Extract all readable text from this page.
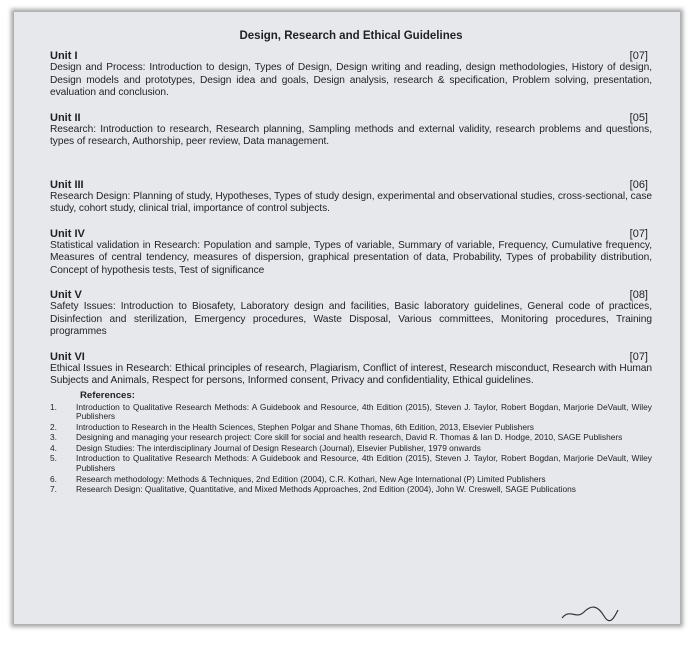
Design, Research and Ethical Guidelines
Unit I	[07]
Design and Process: Introduction to design, Types of Design, Design writing and reading, design methodologies, History of design, Design models and prototypes, Design idea and goals, Design analysis, research & specification, Problem solving, presentation, evaluation and conclusion.
Unit II	[05]
Research: Introduction to research, Research planning, Sampling methods and external validity, research problems and questions, types of research, Authorship, peer review, Data management.
Unit III	[06]
Research Design: Planning of study, Hypotheses, Types of study design, experimental and observational studies, cross-sectional, case study, cohort study, clinical trial, importance of control subjects.
Unit IV	[07]
Statistical validation in Research: Population and sample, Types of variable, Summary of variable, Frequency, Cumulative frequency, Measures of central tendency, measures of dispersion, graphical presentation of data, Probability, Types of probability distribution, Concept of hypothesis tests, Test of significance
Unit V	[08]
Safety Issues: Introduction to Biosafety, Laboratory design and facilities, Basic laboratory guidelines, General code of practices, Disinfection and sterilization, Emergency procedures, Waste Disposal, Various committees, Monitoring procedures, Training programmes
Unit VI	[07]
Ethical Issues in Research: Ethical principles of research, Plagiarism, Conflict of interest, Research misconduct, Research with Human Subjects and Animals, Respect for persons, Informed consent, Privacy and confidentiality, Ethical guidelines.
References:
1.	Introduction to Qualitative Research Methods: A Guidebook and Resource, 4th Edition (2015), Steven J. Taylor, Robert Bogdan, Marjorie DeVault, Wiley Publishers
2.	Introduction to Research in the Health Sciences, Stephen Polgar and Shane Thomas, 6th Edition, 2013, Elsevier Publishers
3.	Designing and managing your research project: Core skill for social and health research, David R. Thomas & Ian D. Hodge, 2010, SAGE Publishers
4.	Design Studies: The interdisciplinary Journal of Design Research (Journal), Elsevier Publisher, 1979 onwards
5.	Introduction to Qualitative Research Methods: A Guidebook and Resource, 4th Edition (2015), Steven J. Taylor, Robert Bogdan, Marjorie DeVault, Wiley Publishers
6.	Research methodology: Methods & Techniques, 2nd Edition (2004), C.R. Kothari, New Age International (P) Limited Publishers
7.	Research Design: Qualitative, Quantitative, and Mixed Methods Approaches, 2nd Edition (2004), John W. Creswell, SAGE Publications
